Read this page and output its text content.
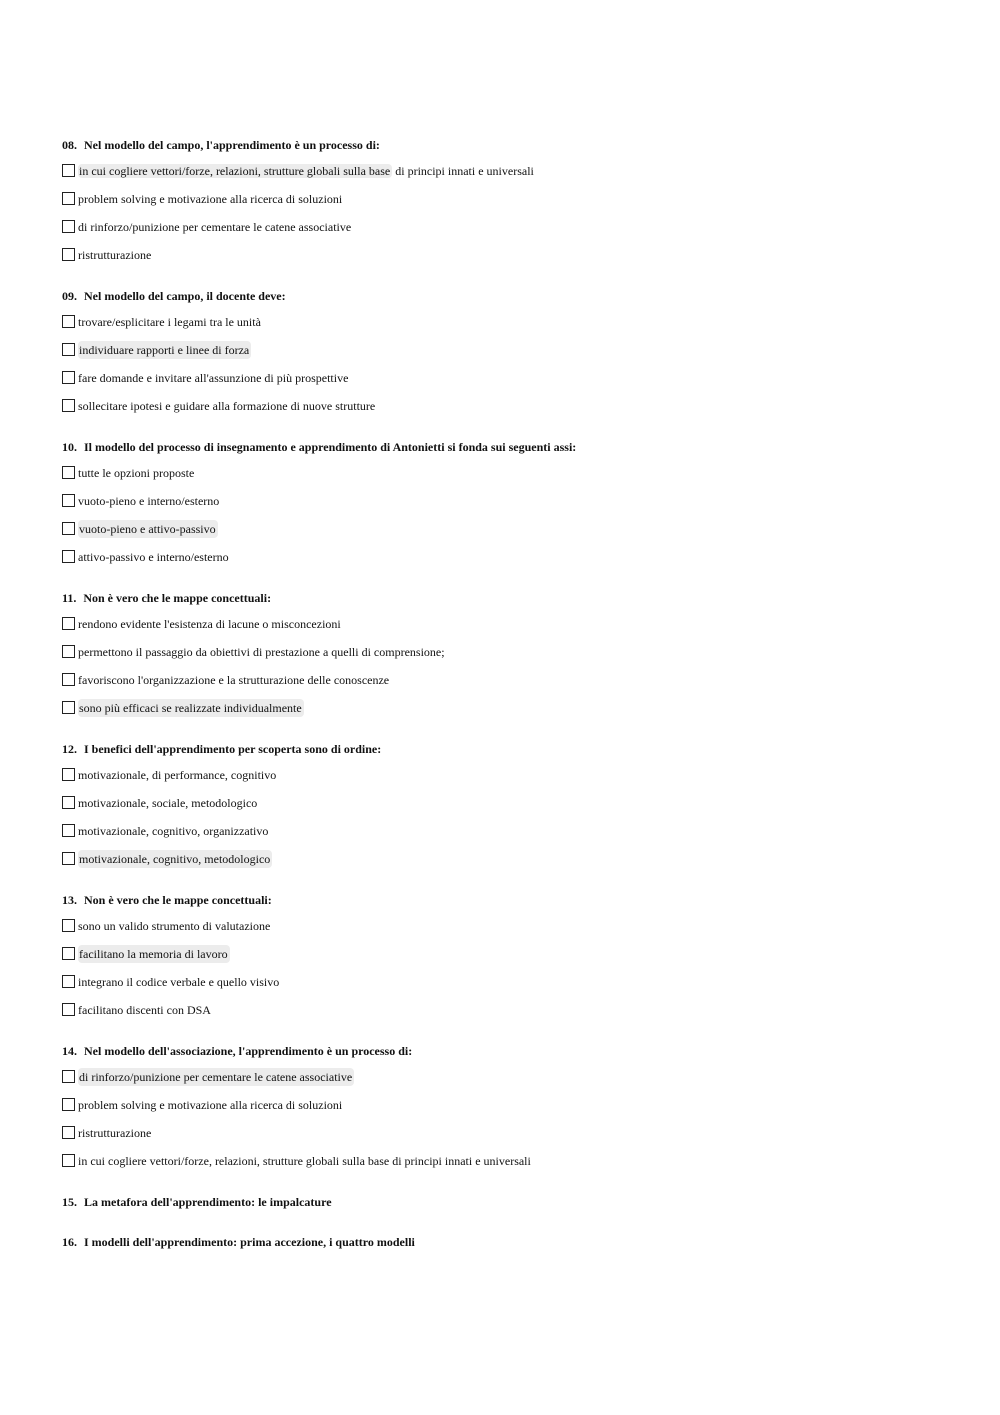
08. Nel modello del campo, l'apprendimento è un processo di:
in cui cogliere vettori/forze, relazioni, strutture globali sulla base di principi innati e universali
problem solving e motivazione alla ricerca di soluzioni
di rinforzo/punizione per cementare le catene associative
ristrutturazione
09. Nel modello del campo, il docente deve:
trovare/esplicitare i legami tra le unità
individuare rapporti e linee di forza
fare domande e invitare all'assunzione di più prospettive
sollecitare ipotesi e guidare alla formazione di nuove strutture
10. Il modello del processo di insegnamento e apprendimento di Antonietti si fonda sui seguenti assi:
tutte le opzioni proposte
vuoto-pieno e interno/esterno
vuoto-pieno e attivo-passivo
attivo-passivo e interno/esterno
11. Non è vero che le mappe concettuali:
rendono evidente l'esistenza di lacune o misconcezioni
permettono il passaggio da obiettivi di prestazione a quelli di comprensione;
favoriscono l'organizzazione e la strutturazione delle conoscenze
sono più efficaci se realizzate individualmente
12. I benefici dell'apprendimento per scoperta sono di ordine:
motivazionale, di performance, cognitivo
motivazionale, sociale, metodologico
motivazionale, cognitivo, organizzativo
motivazionale, cognitivo, metodologico
13. Non è vero che le mappe concettuali:
sono un valido strumento di valutazione
facilitano la memoria di lavoro
integrano il codice verbale e quello visivo
facilitano discenti con DSA
14. Nel modello dell'associazione, l'apprendimento è un processo di:
di rinforzo/punizione per cementare le catene associative
problem solving e motivazione alla ricerca di soluzioni
ristrutturazione
in cui cogliere vettori/forze, relazioni, strutture globali sulla base di principi innati e universali
15. La metafora dell'apprendimento: le impalcature
16. I modelli dell'apprendimento: prima accezione, i quattro modelli
